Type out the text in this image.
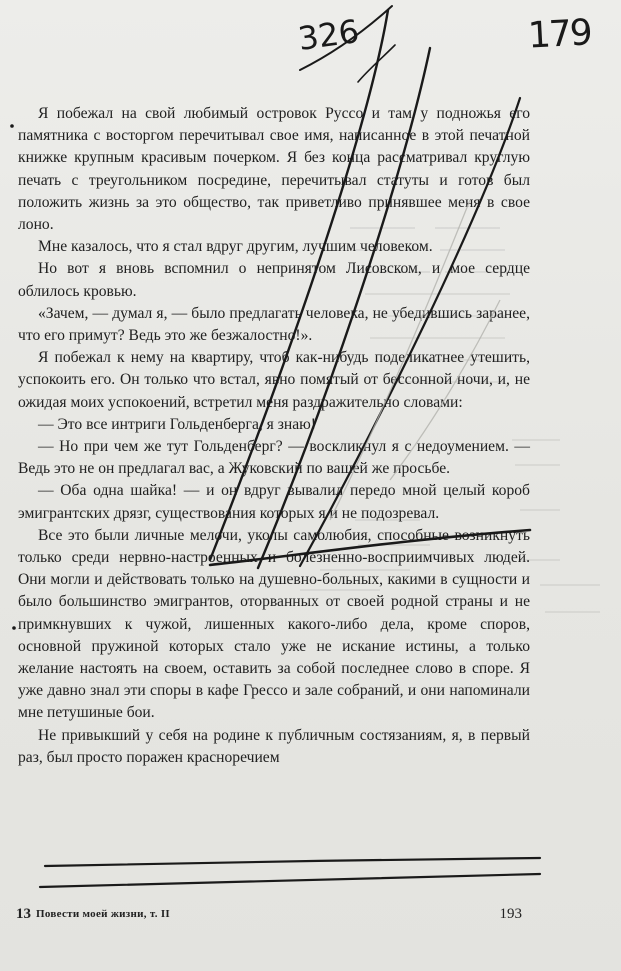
Я побежал на свой любимый островок Руссо и там у подножья его памятника с восторгом перечитывал свое имя, написанное в этой печатной книжке крупным красивым почерком. Я без конца рассматривал круглую печать с треугольником посредине, перечитывал статуты и готов был положить жизнь за это общество, так приветливо принявшее меня в свое лоно.

Мне казалось, что я стал вдруг другим, лучшим человеком.

Но вот я вновь вспомнил о непринятом Лисовском, и мое сердце облилось кровью.

«Зачем, — думал я, — было предлагать человека, не убедившись заранее, что его примут? Ведь это же безжалостно!».

Я побежал к нему на квартиру, чтоб как-нибудь поделикатнее утешить, успокоить его. Он только что встал, явно помятый от бессонной ночи, и, не ожидая моих успокоений, встретил меня раздражительно словами:

— Это все интриги Гольденберга, я знаю!

— Но при чем же тут Гольденберг? — воскликнул я с недоумением. — Ведь это не он предлагал вас, а Жуковский по вашей же просьбе.

— Оба одна шайка! — и он вдруг вывалил передо мной целый короб эмигрантских дрязг, существования которых я и не подозревал.

Все это были личные мелочи, уколы самолюбия, способные возникнуть только среди нервно-настроенных и болезненно-восприимчивых людей. Они могли и действовать только на душевно-больных, какими в сущности и было большинство эмигрантов, оторванных от своей родной страны и не примкнувших к чужой, лишенных какого-либо дела, кроме споров, основной пружиной которых стало уже не искание истины, а только желание настоять на своем, оставить за собой последнее слово в споре. Я уже давно знал эти споры в кафе Грессо и зале собраний, и они напоминали мне петушиные бои.

Не привыкший у себя на родине к публичным состязаниям, я, в первый раз, был просто поражен красноречием

13 Повести моей жизни, т. II	193
179
326
